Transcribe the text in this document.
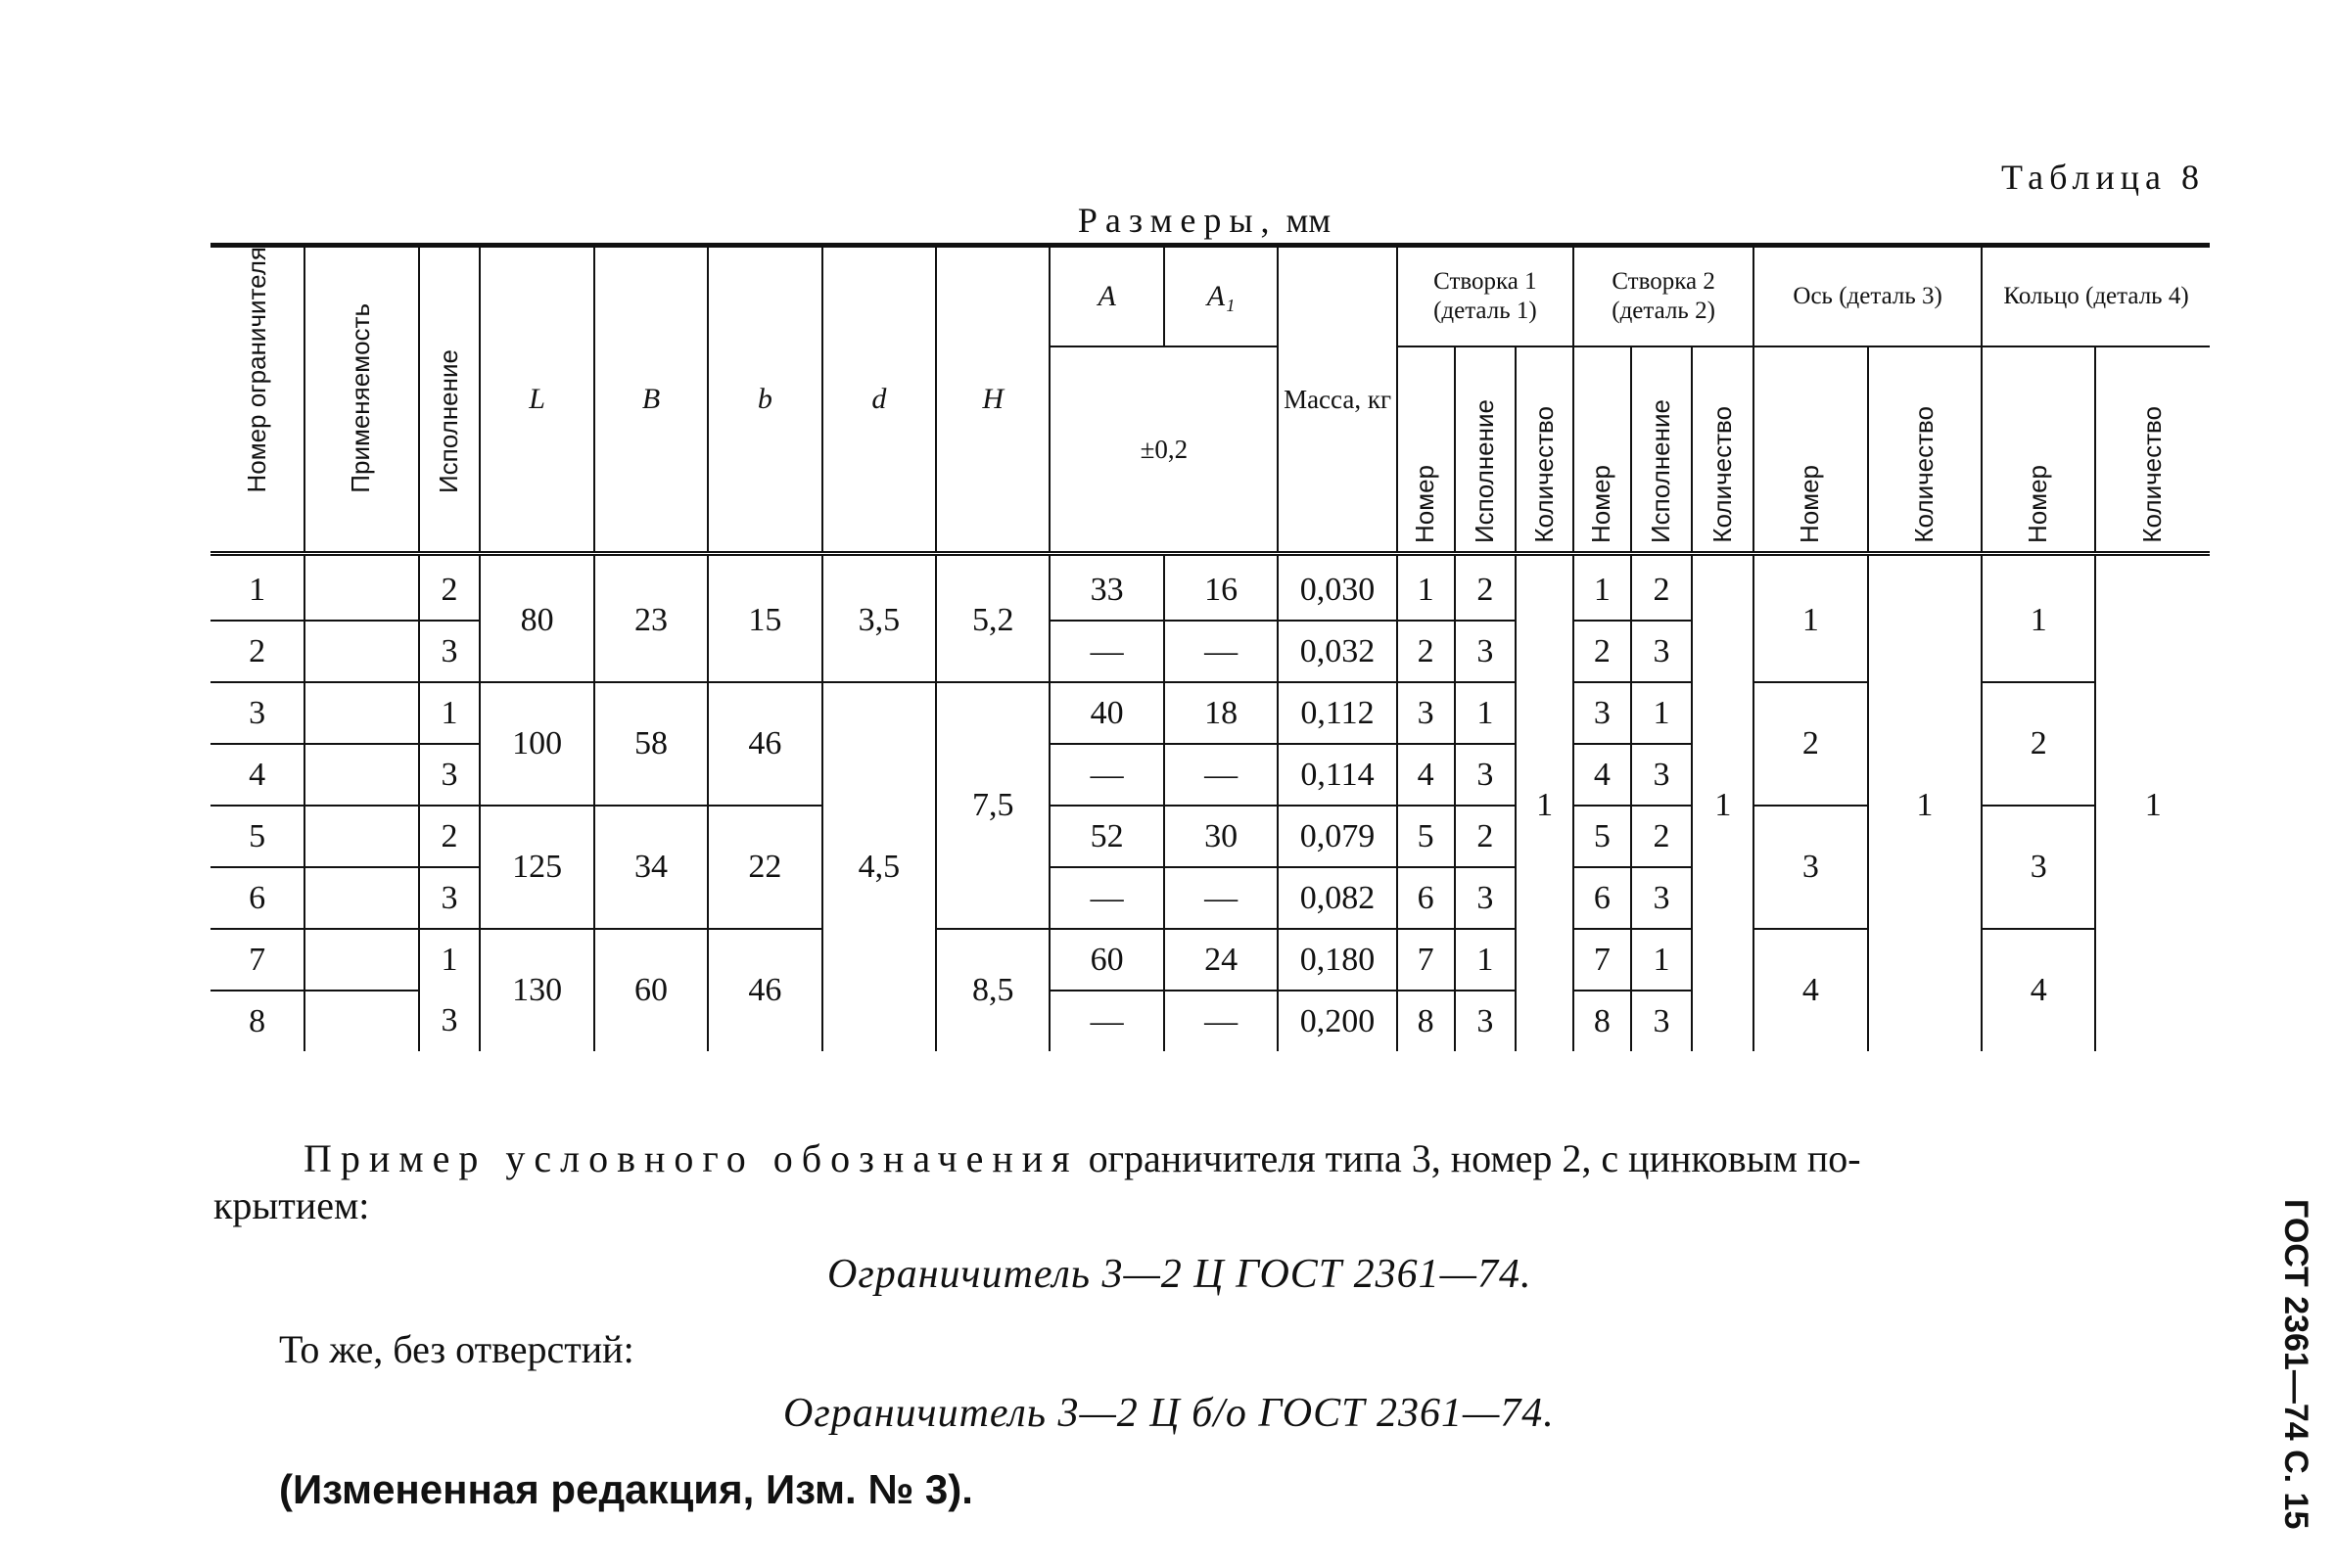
Таблица 8
Размеры, мм
Номер ограничителя	Применяемость	Исполнение	L	B	b	d	H	A	A₁	Масса, кг	Створка 1 (деталь 1)			Створка 2 (деталь 2)			Ось (деталь 3)		Кольцо (деталь 4)	
								±0,2			Номер	Исполнение	Количество	Номер	Исполнение	Количество	Номер	Количество	Номер	Количество

1		2	80	23	15	3,5	5,2	33	16	0,030	1	2	1	1	2	1	1	1	1	1
2		3						—	—	0,032	2	3		2	3					
3		1	100	58	46	4,5	7,5	40	18	0,112	3	1		3	1		2		2	
4		3						—	—	0,114	4	3		4	3					
5		2	125	34	22			52	30	0,079	5	2		5	2		3		3	
6		3						—	—	0,082	6	3		6	3					
7		1	130	60	46		8,5	60	24	0,180	7	1		7	1		4		4	
8		3						—	—	0,200	8	3		8	3					
Пример условного обозначения ограничителя типа 3, номер 2, с цинковым по-
крытием:
Ограничитель 3—2 Ц ГОСТ 2361—74.
То же, без отверстий:
Ограничитель 3—2 Ц б/о ГОСТ 2361—74.
(Измененная редакция, Изм. № 3).	ГОСТ 2361—74 С. 15
